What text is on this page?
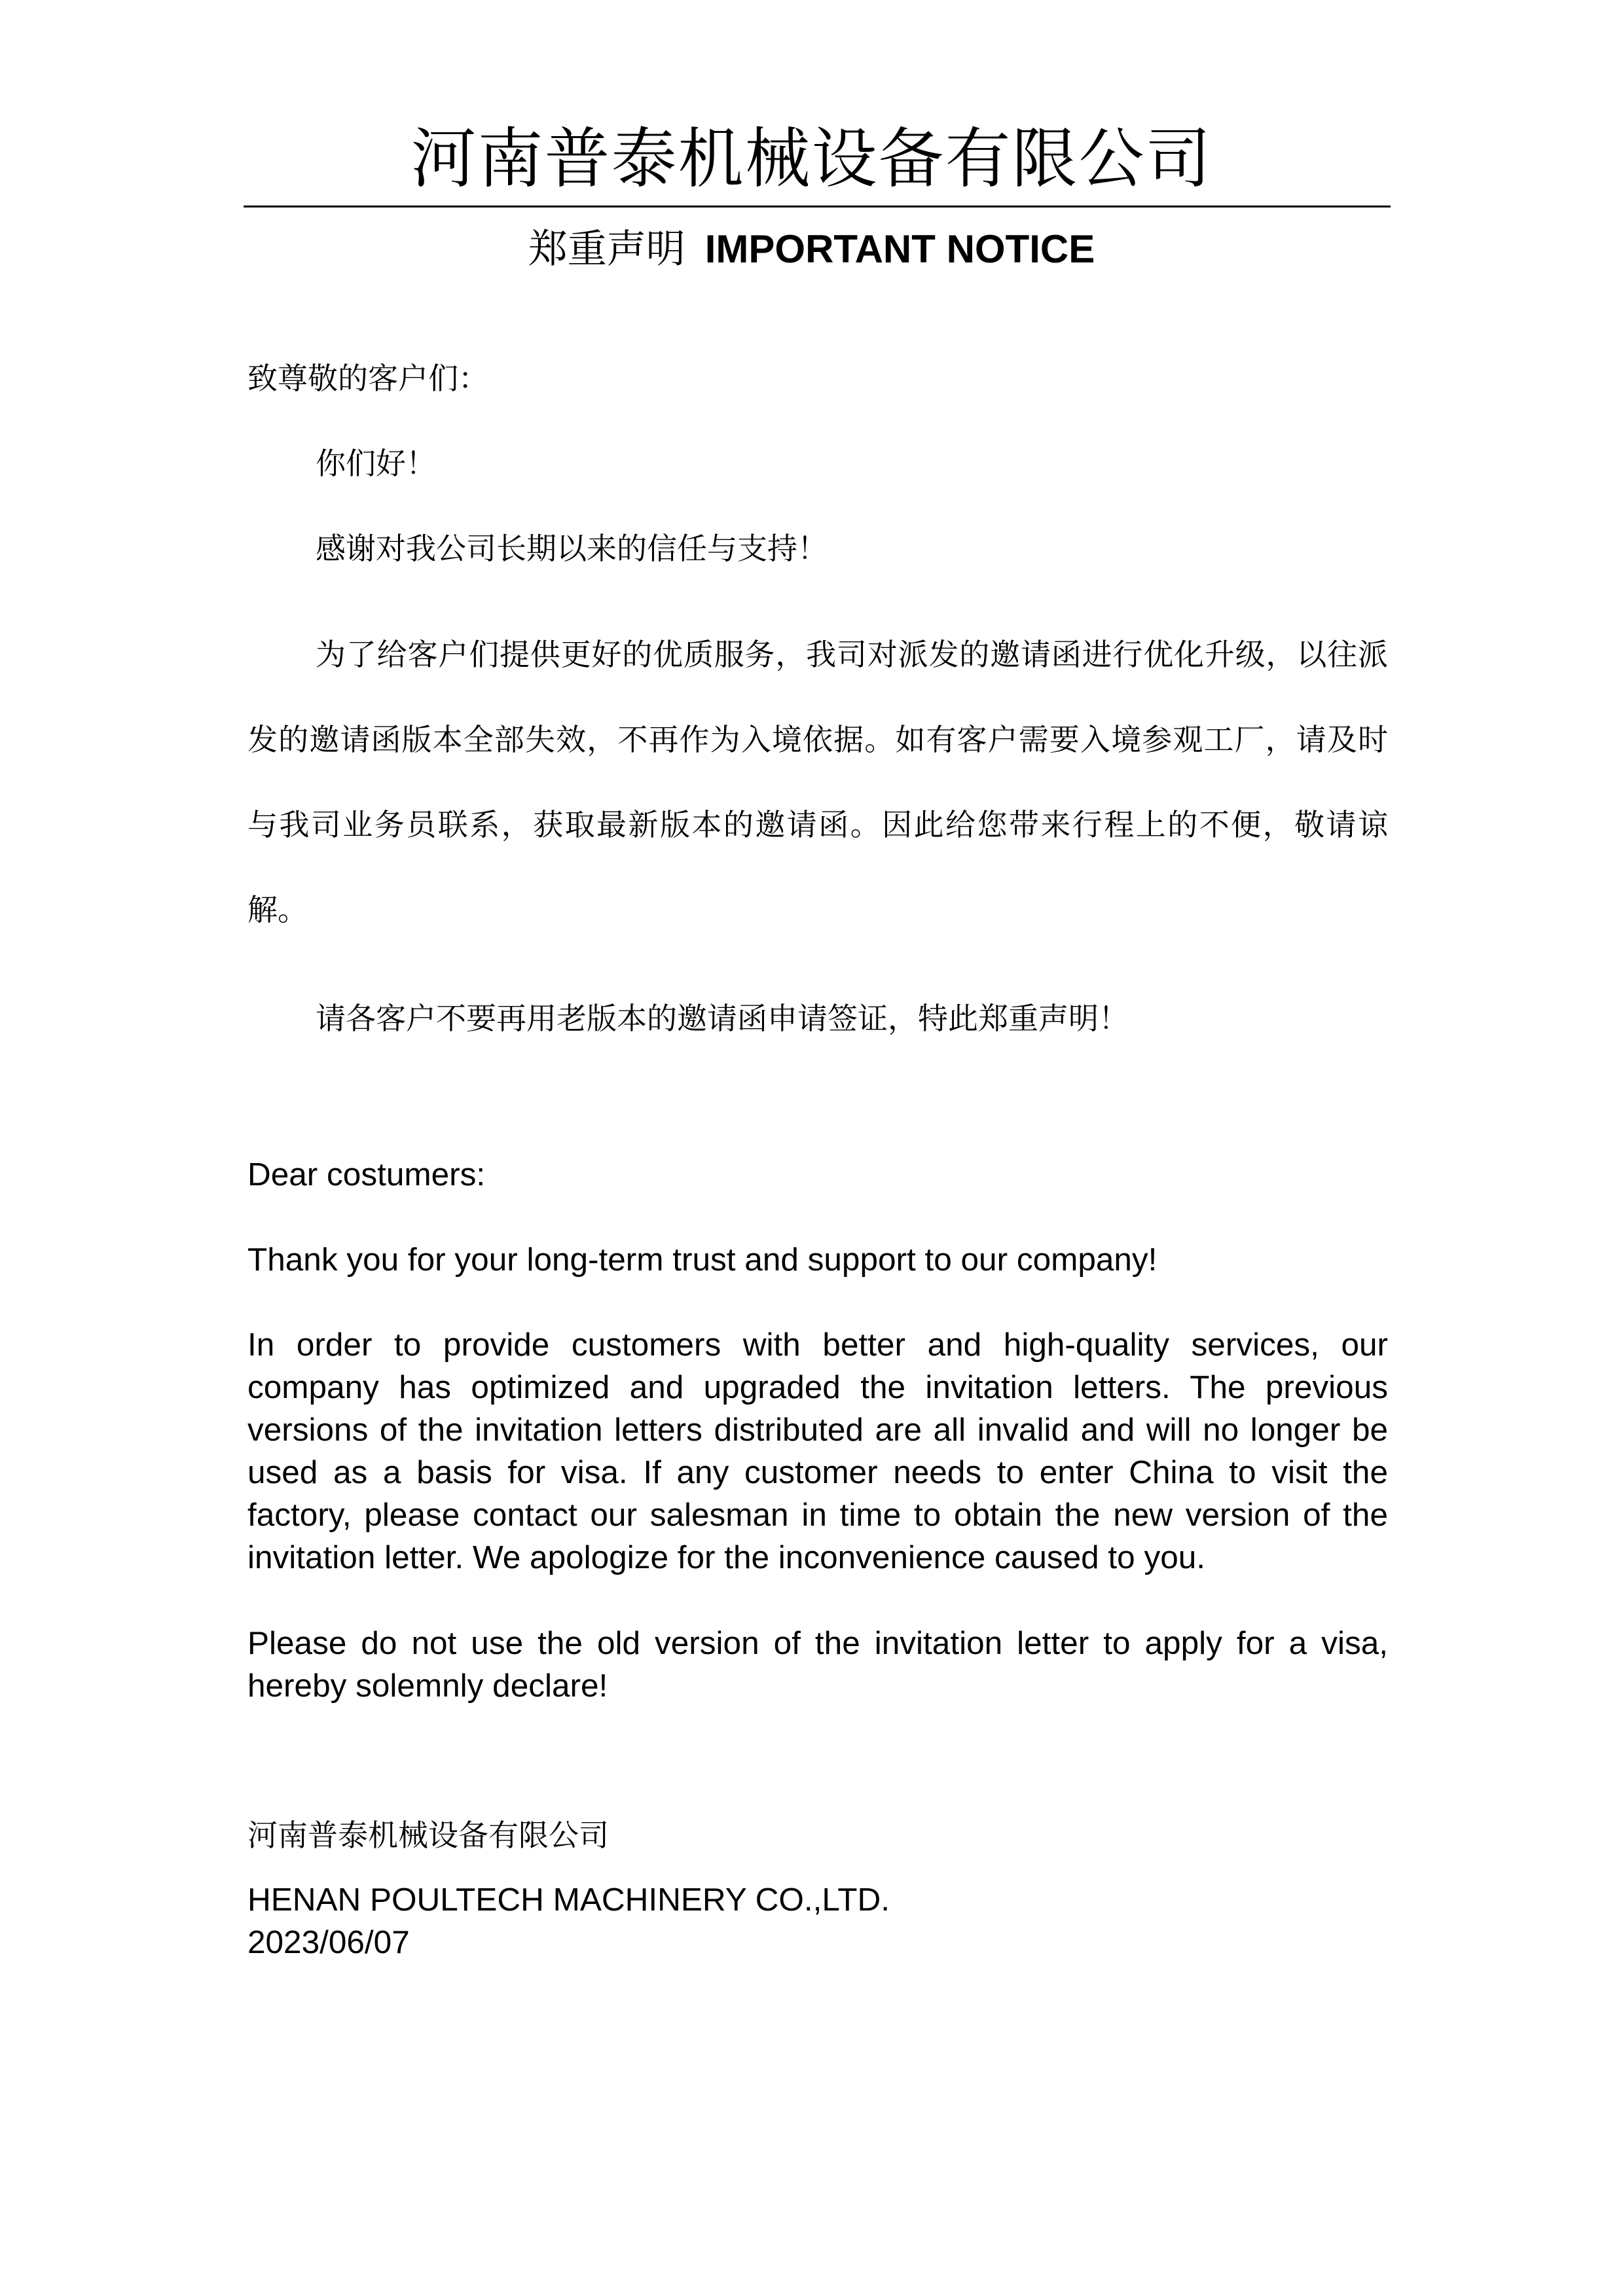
河南普泰机械设备有限公司
郑重声明 IMPORTANT NOTICE
致尊敬的客户们：
你们好！
感谢对我公司长期以来的信任与支持！
为了给客户们提供更好的优质服务，我司对派发的邀请函进行优化升级，以往派发的邀请函版本全部失效，不再作为入境依据。如有客户需要入境参观工厂，请及时与我司业务员联系，获取最新版本的邀请函。因此给您带来行程上的不便，敬请谅解。
请各客户不要再用老版本的邀请函申请签证，特此郑重声明！
Dear costumers:
Thank you for your long-term trust and support to our company!
In order to provide customers with better and high-quality services, our company has optimized and upgraded the invitation letters. The previous versions of the invitation letters distributed are all invalid and will no longer be used as a basis for visa. If any customer needs to enter China to visit the factory, please contact our salesman in time to obtain the new version of the invitation letter. We apologize for the inconvenience caused to you.
Please do not use the old version of the invitation letter to apply for a visa, hereby solemnly declare!
河南普泰机械设备有限公司
HENAN POULTECH MACHINERY CO.,LTD.
2023/06/07
